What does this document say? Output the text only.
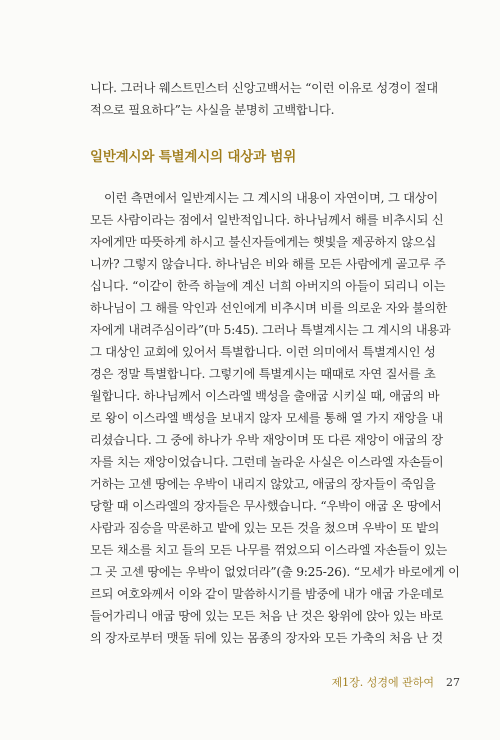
니다. 그러나 웨스트민스터 신앙고백서는 “이런 이유로 성경이 절대
적으로 필요하다”는 사실을 분명히 고백합니다.
일반계시와 특별계시의 대상과 범위
이런 측면에서 일반계시는 그 계시의 내용이 자연이며, 그 대상이
모든 사람이라는 점에서 일반적입니다. 하나님께서 해를 비추시되 신
자에게만 따뜻하게 하시고 불신자들에게는 햇빛을 제공하지 않으십
니까? 그렇지 않습니다. 하나님은 비와 해를 모든 사람에게 골고루 주
십니다. “이같이 한즉 하늘에 계신 너희 아버지의 아들이 되리니 이는
하나님이 그 해를 악인과 선인에게 비추시며 비를 의로운 자와 불의한
자에게 내려주심이라”(마 5:45). 그러나 특별계시는 그 계시의 내용과
그 대상인 교회에 있어서 특별합니다. 이런 의미에서 특별계시인 성
경은 정말 특별합니다. 그렇기에 특별계시는 때때로 자연 질서를 초
월합니다. 하나님께서 이스라엘 백성을 출애굽 시키실 때, 애굽의 바
로 왕이 이스라엘 백성을 보내지 않자 모세를 통해 열 가지 재앙을 내
리셨습니다. 그 중에 하나가 우박 재앙이며 또 다른 재앙이 애굽의 장
자를 치는 재앙이었습니다. 그런데 놀라운 사실은 이스라엘 자손들이
거하는 고센 땅에는 우박이 내리지 않았고, 애굽의 장자들이 죽임을
당할 때 이스라엘의 장자들은 무사했습니다. “우박이 애굽 온 땅에서
사람과 짐승을 막론하고 밭에 있는 모든 것을 쳤으며 우박이 또 밭의
모든 채소를 치고 들의 모든 나무를 꺾었으되 이스라엘 자손들이 있는
그 곳 고센 땅에는 우박이 없었더라”(출 9:25-26). “모세가 바로에게 이
르되 여호와께서 이와 같이 말씀하시기를 밤중에 내가 애굽 가운데로
들어가리니 애굽 땅에 있는 모든 처음 난 것은 왕위에 앉아 있는 바로
의 장자로부터 맷돌 뒤에 있는 몸종의 장자와 모든 가축의 처음 난 것
제1장. 성경에 관하여 27
